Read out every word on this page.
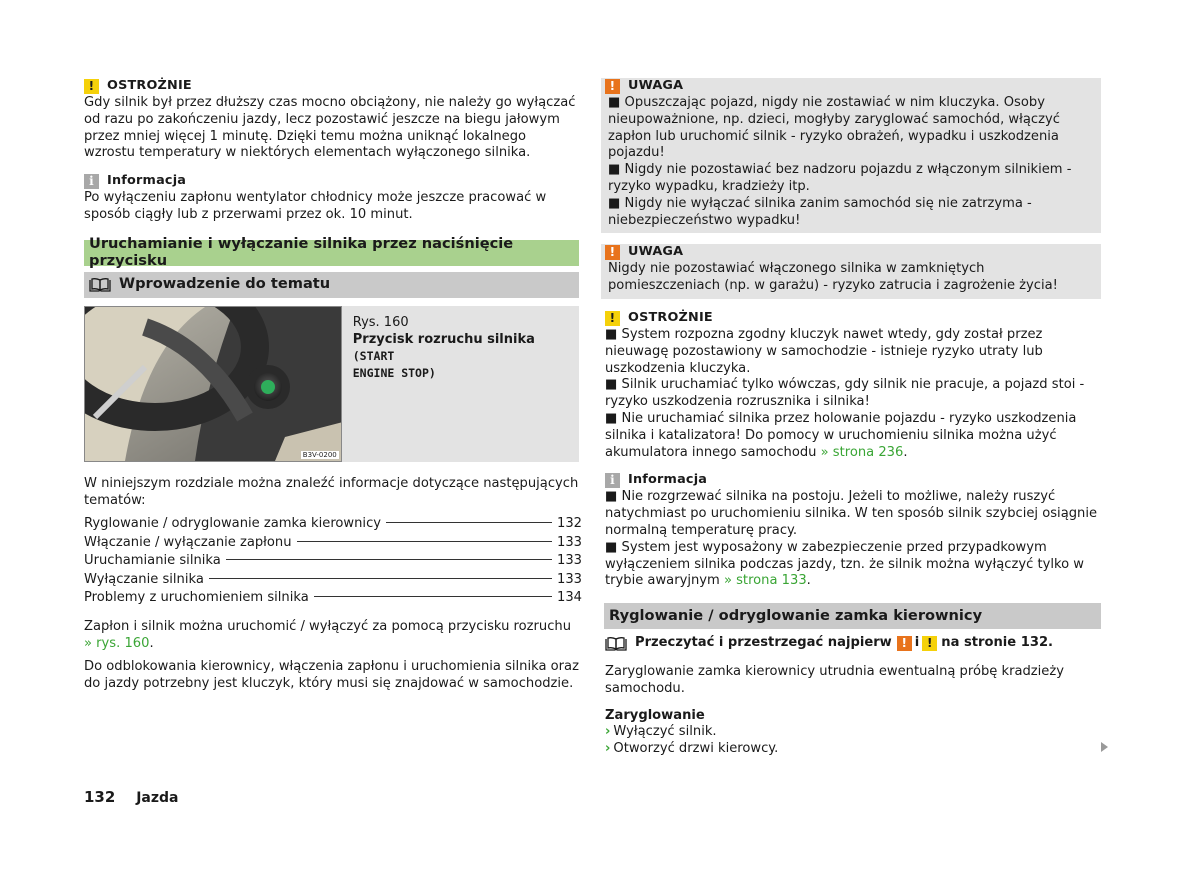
! OSTROŻNIE

Gdy silnik był przez dłuższy czas mocno obciążony, nie należy go wyłączać od razu po zakończeniu jazdy, lecz pozostawić jeszcze na biegu jałowym przez mniej więcej 1 minutę. Dzięki temu można uniknąć lokalnego wzrostu temperatury w niektórych elementach wyłączonego silnika.

i	Informacja

Po wyłączeniu zapłonu wentylator chłodnicy może jeszcze pracować w sposób ciągły lub z przerwami przez ok. 10 minut.

Uruchamianie i wyłączanie silnika przez naciśnięcie przycisku
Wprowadzenie do tematu
B3V-0200
Rys. 160
Przycisk rozruchu silnika (START
ENGINE STOP)

W niniejszym rozdziale można znaleźć informacje dotyczące następujących tematów:

Ryglowanie / odryglowanie zamka kierownicy	132
Włączanie / wyłączanie zapłonu	133
Uruchamianie silnika	133
Wyłączanie silnika	133
Problemy z uruchomieniem silnika	134

Zapłon i silnik można uruchomić / wyłączyć za pomocą przycisku rozruchu
» rys. 160.

Do odblokowania kierownicy, włączenia zapłonu i uruchomienia silnika oraz do jazdy potrzebny jest kluczyk, który musi się znajdować w samochodzie.

! UWAGA

■ Opuszczając pojazd, nigdy nie zostawiać w nim kluczyka. Osoby nieupoważnione, np. dzieci, mogłyby zaryglować samochód, włączyć zapłon lub uruchomić silnik - ryzyko obrażeń, wypadku i uszkodzenia pojazdu!

■ Nigdy nie pozostawiać bez nadzoru pojazdu z włączonym silnikiem - ryzyko wypadku, kradzieży itp.

■ Nigdy nie wyłączać silnika zanim samochód się nie zatrzyma - niebezpieczeństwo wypadku!

! UWAGA

Nigdy nie pozostawiać włączonego silnika w zamkniętych pomieszczeniach (np. w garażu) - ryzyko zatrucia i zagrożenie życia!

! OSTROŻNIE

■ System rozpozna zgodny kluczyk nawet wtedy, gdy został przez nieuwagę pozostawiony w samochodzie - istnieje ryzyko utraty lub uszkodzenia kluczyka.

■ Silnik uruchamiać tylko wówczas, gdy silnik nie pracuje, a pojazd stoi - ryzyko uszkodzenia rozrusznika i silnika!

■ Nie uruchamiać silnika przez holowanie pojazdu - ryzyko uszkodzenia silnika i katalizatora! Do pomocy w uruchomieniu silnika można użyć akumulatora innego samochodu » strona 236.

i	Informacja

■ Nie rozgrzewać silnika na postoju. Jeżeli to możliwe, należy ruszyć natychmiast po uruchomieniu silnika. W ten sposób silnik szybciej osiągnie normalną temperaturę pracy.

■ System jest wyposażony w zabezpieczenie przed przypadkowym wyłączeniem silnika podczas jazdy, tzn. że silnik można wyłączyć tylko w trybie awaryjnym » strona 133.

Ryglowanie / odryglowanie zamka kierownicy
Przeczytać i przestrzegać najpierw ! i ! na stronie 132.

Zaryglowanie zamka kierownicy utrudnia ewentualną próbę kradzieży samochodu.

Zaryglowanie

› Wyłączyć silnik.
› Otworzyć drzwi kierowcy.
132 Jazda
